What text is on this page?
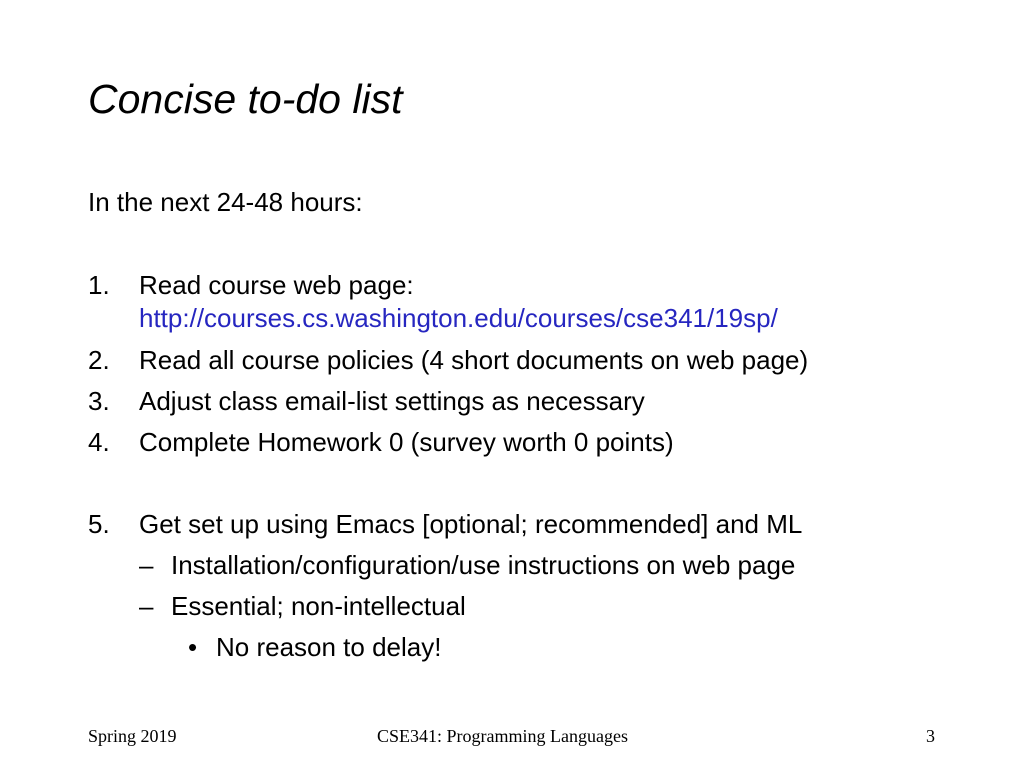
Concise to-do list
In the next 24-48 hours:
1. Read course web page:
http://courses.cs.washington.edu/courses/cse341/19sp/
2. Read all course policies (4 short documents on web page)
3. Adjust class email-list settings as necessary
4. Complete Homework 0 (survey worth 0 points)
5. Get set up using Emacs [optional; recommended] and ML
– Installation/configuration/use instructions on web page
– Essential; non-intellectual
• No reason to delay!
Spring 2019	CSE341: Programming Languages	3
